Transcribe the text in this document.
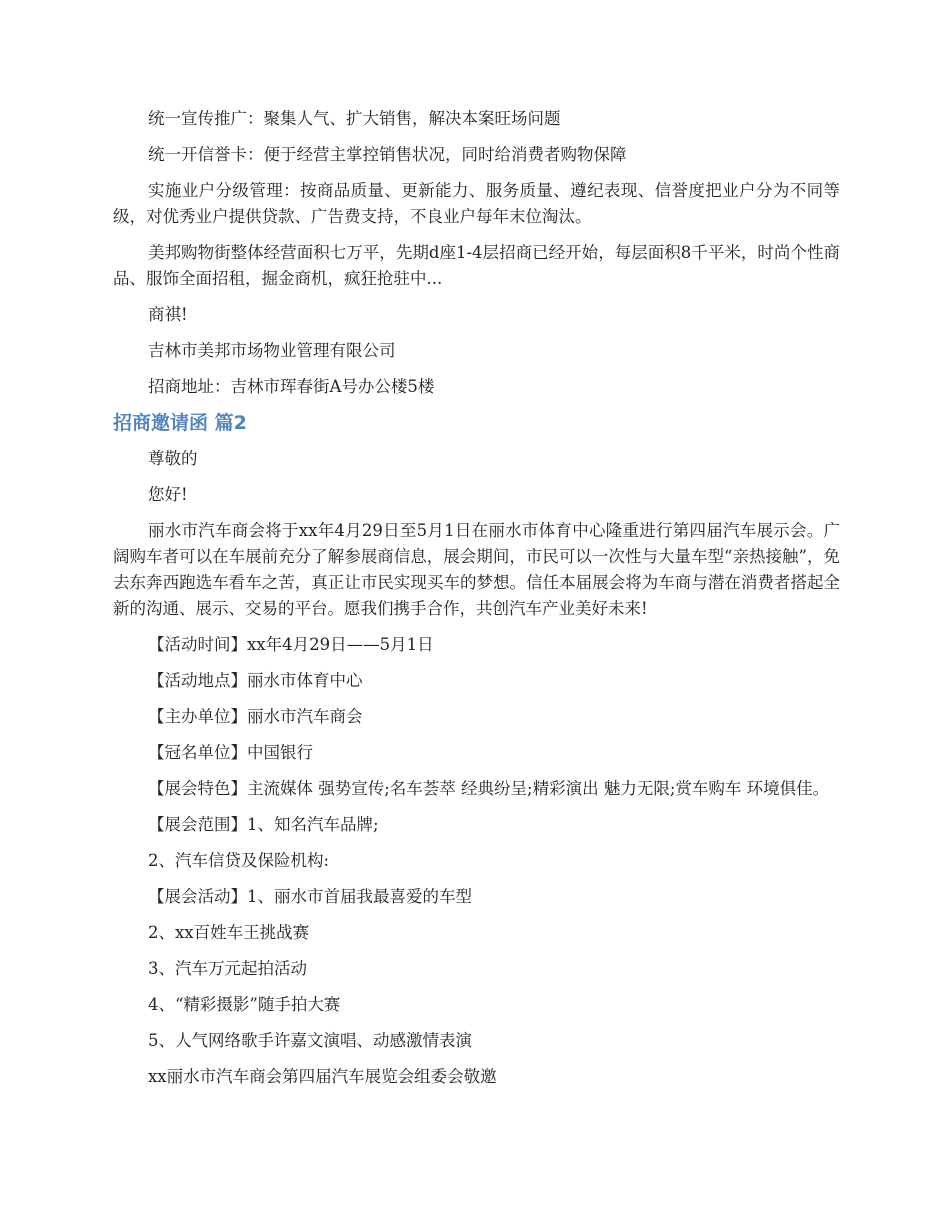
统一宣传推广：聚集人气、扩大销售，解决本案旺场问题

统一开信誉卡：便于经营主掌控销售状况，同时给消费者购物保障

实施业户分级管理：按商品质量、更新能力、服务质量、遵纪表现、信誉度把业户分为不同等级，对优秀业户提供贷款、广告费支持，不良业户每年末位淘汰。

美邦购物街整体经营面积七万平，先期d座1-4层招商已经开始，每层面积8千平米，时尚个性商品、服饰全面招租，掘金商机，疯狂抢驻中...

商祺!

吉林市美邦市场物业管理有限公司

招商地址：吉林市珲春街A号办公楼5楼

招商邀请函 篇2

尊敬的

您好!

丽水市汽车商会将于xx年4月29日至5月1日在丽水市体育中心隆重进行第四届汽车展示会。广阔购车者可以在车展前充分了解参展商信息，展会期间，市民可以一次性与大量车型“亲热接触”，免去东奔西跑选车看车之苦，真正让市民实现买车的梦想。信任本届展会将为车商与潜在消费者搭起全新的沟通、展示、交易的平台。愿我们携手合作，共创汽车产业美好未来!

【活动时间】xx年4月29日——5月1日

【活动地点】丽水市体育中心

【主办单位】丽水市汽车商会

【冠名单位】中国银行

【展会特色】主流媒体 强势宣传;名车荟萃 经典纷呈;精彩演出 魅力无限;赏车购车 环境俱佳。

【展会范围】1、知名汽车品牌;

2、汽车信贷及保险机构:

【展会活动】1、丽水市首届我最喜爱的车型

2、xx百姓车王挑战赛

3、汽车万元起拍活动

4、“精彩摄影”随手拍大赛

5、人气网络歌手许嘉文演唱、动感激情表演

xx丽水市汽车商会第四届汽车展览会组委会敬邀
